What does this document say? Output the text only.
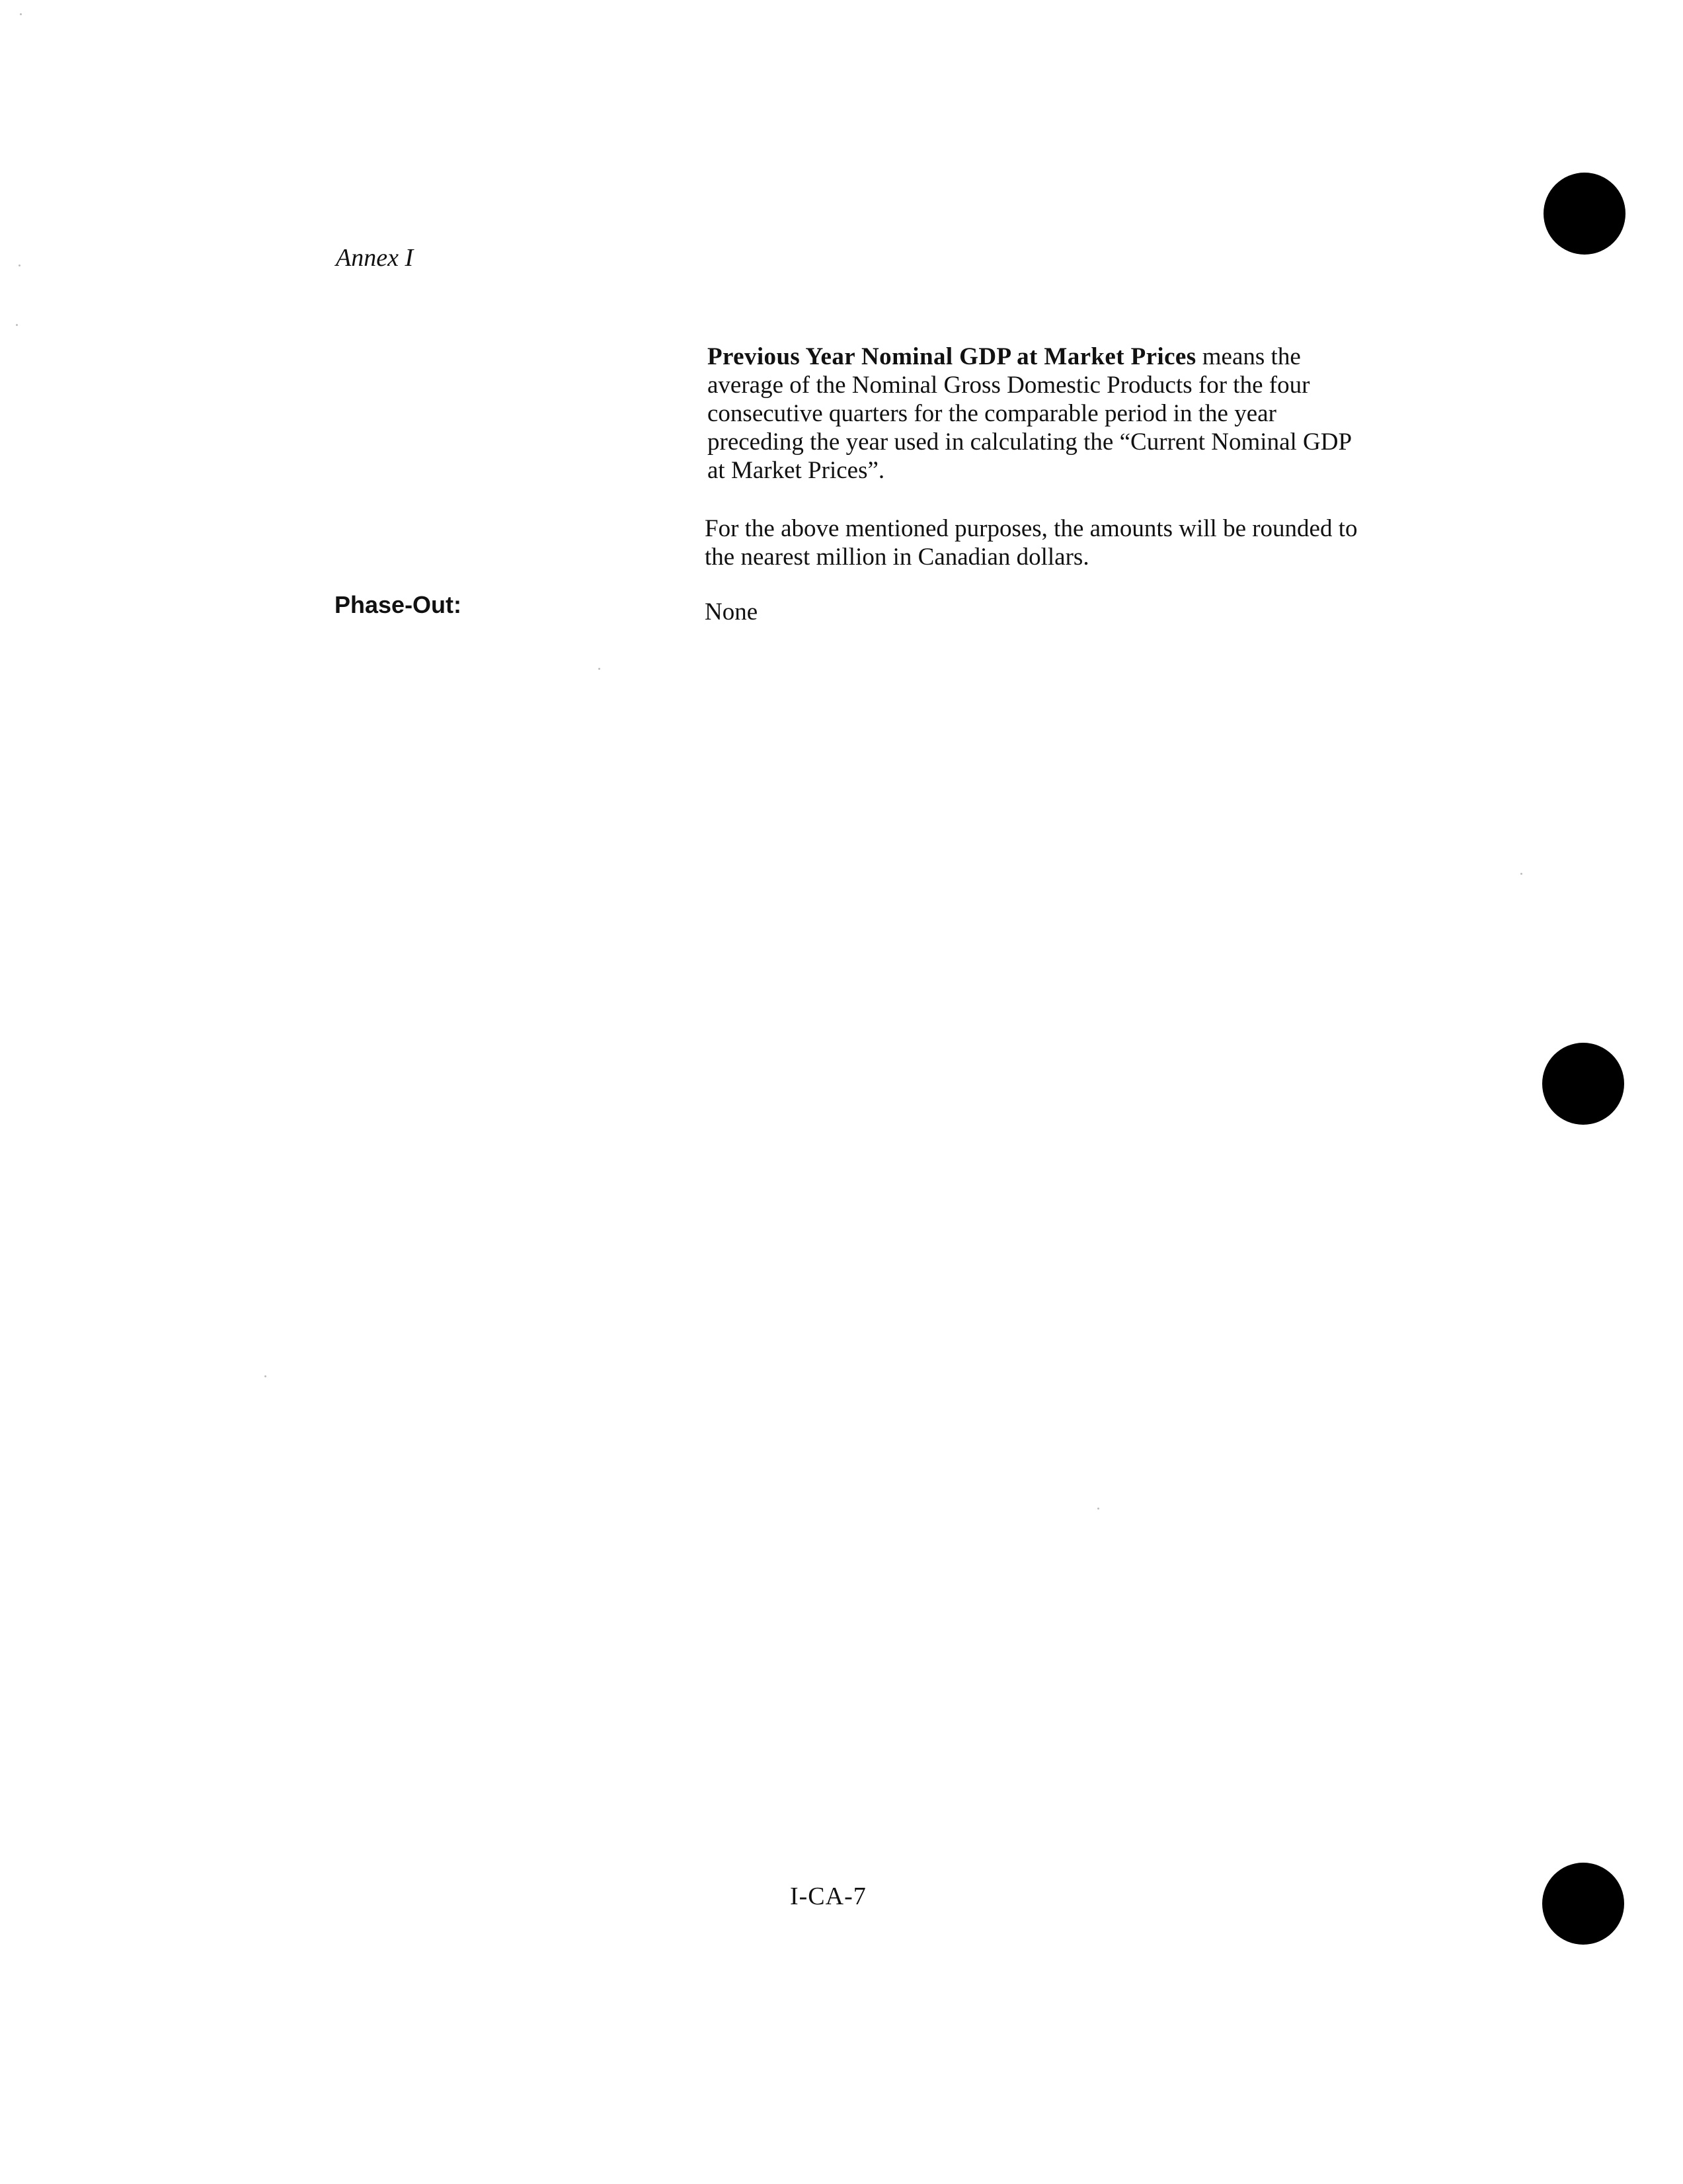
Annex I
Previous Year Nominal GDP at Market Prices means the average of the Nominal Gross Domestic Products for the four consecutive quarters for the comparable period in the year preceding the year used in calculating the “Current Nominal GDP at Market Prices”.
For the above mentioned purposes, the amounts will be rounded to the nearest million in Canadian dollars.
Phase-Out:	None
I-CA-7
